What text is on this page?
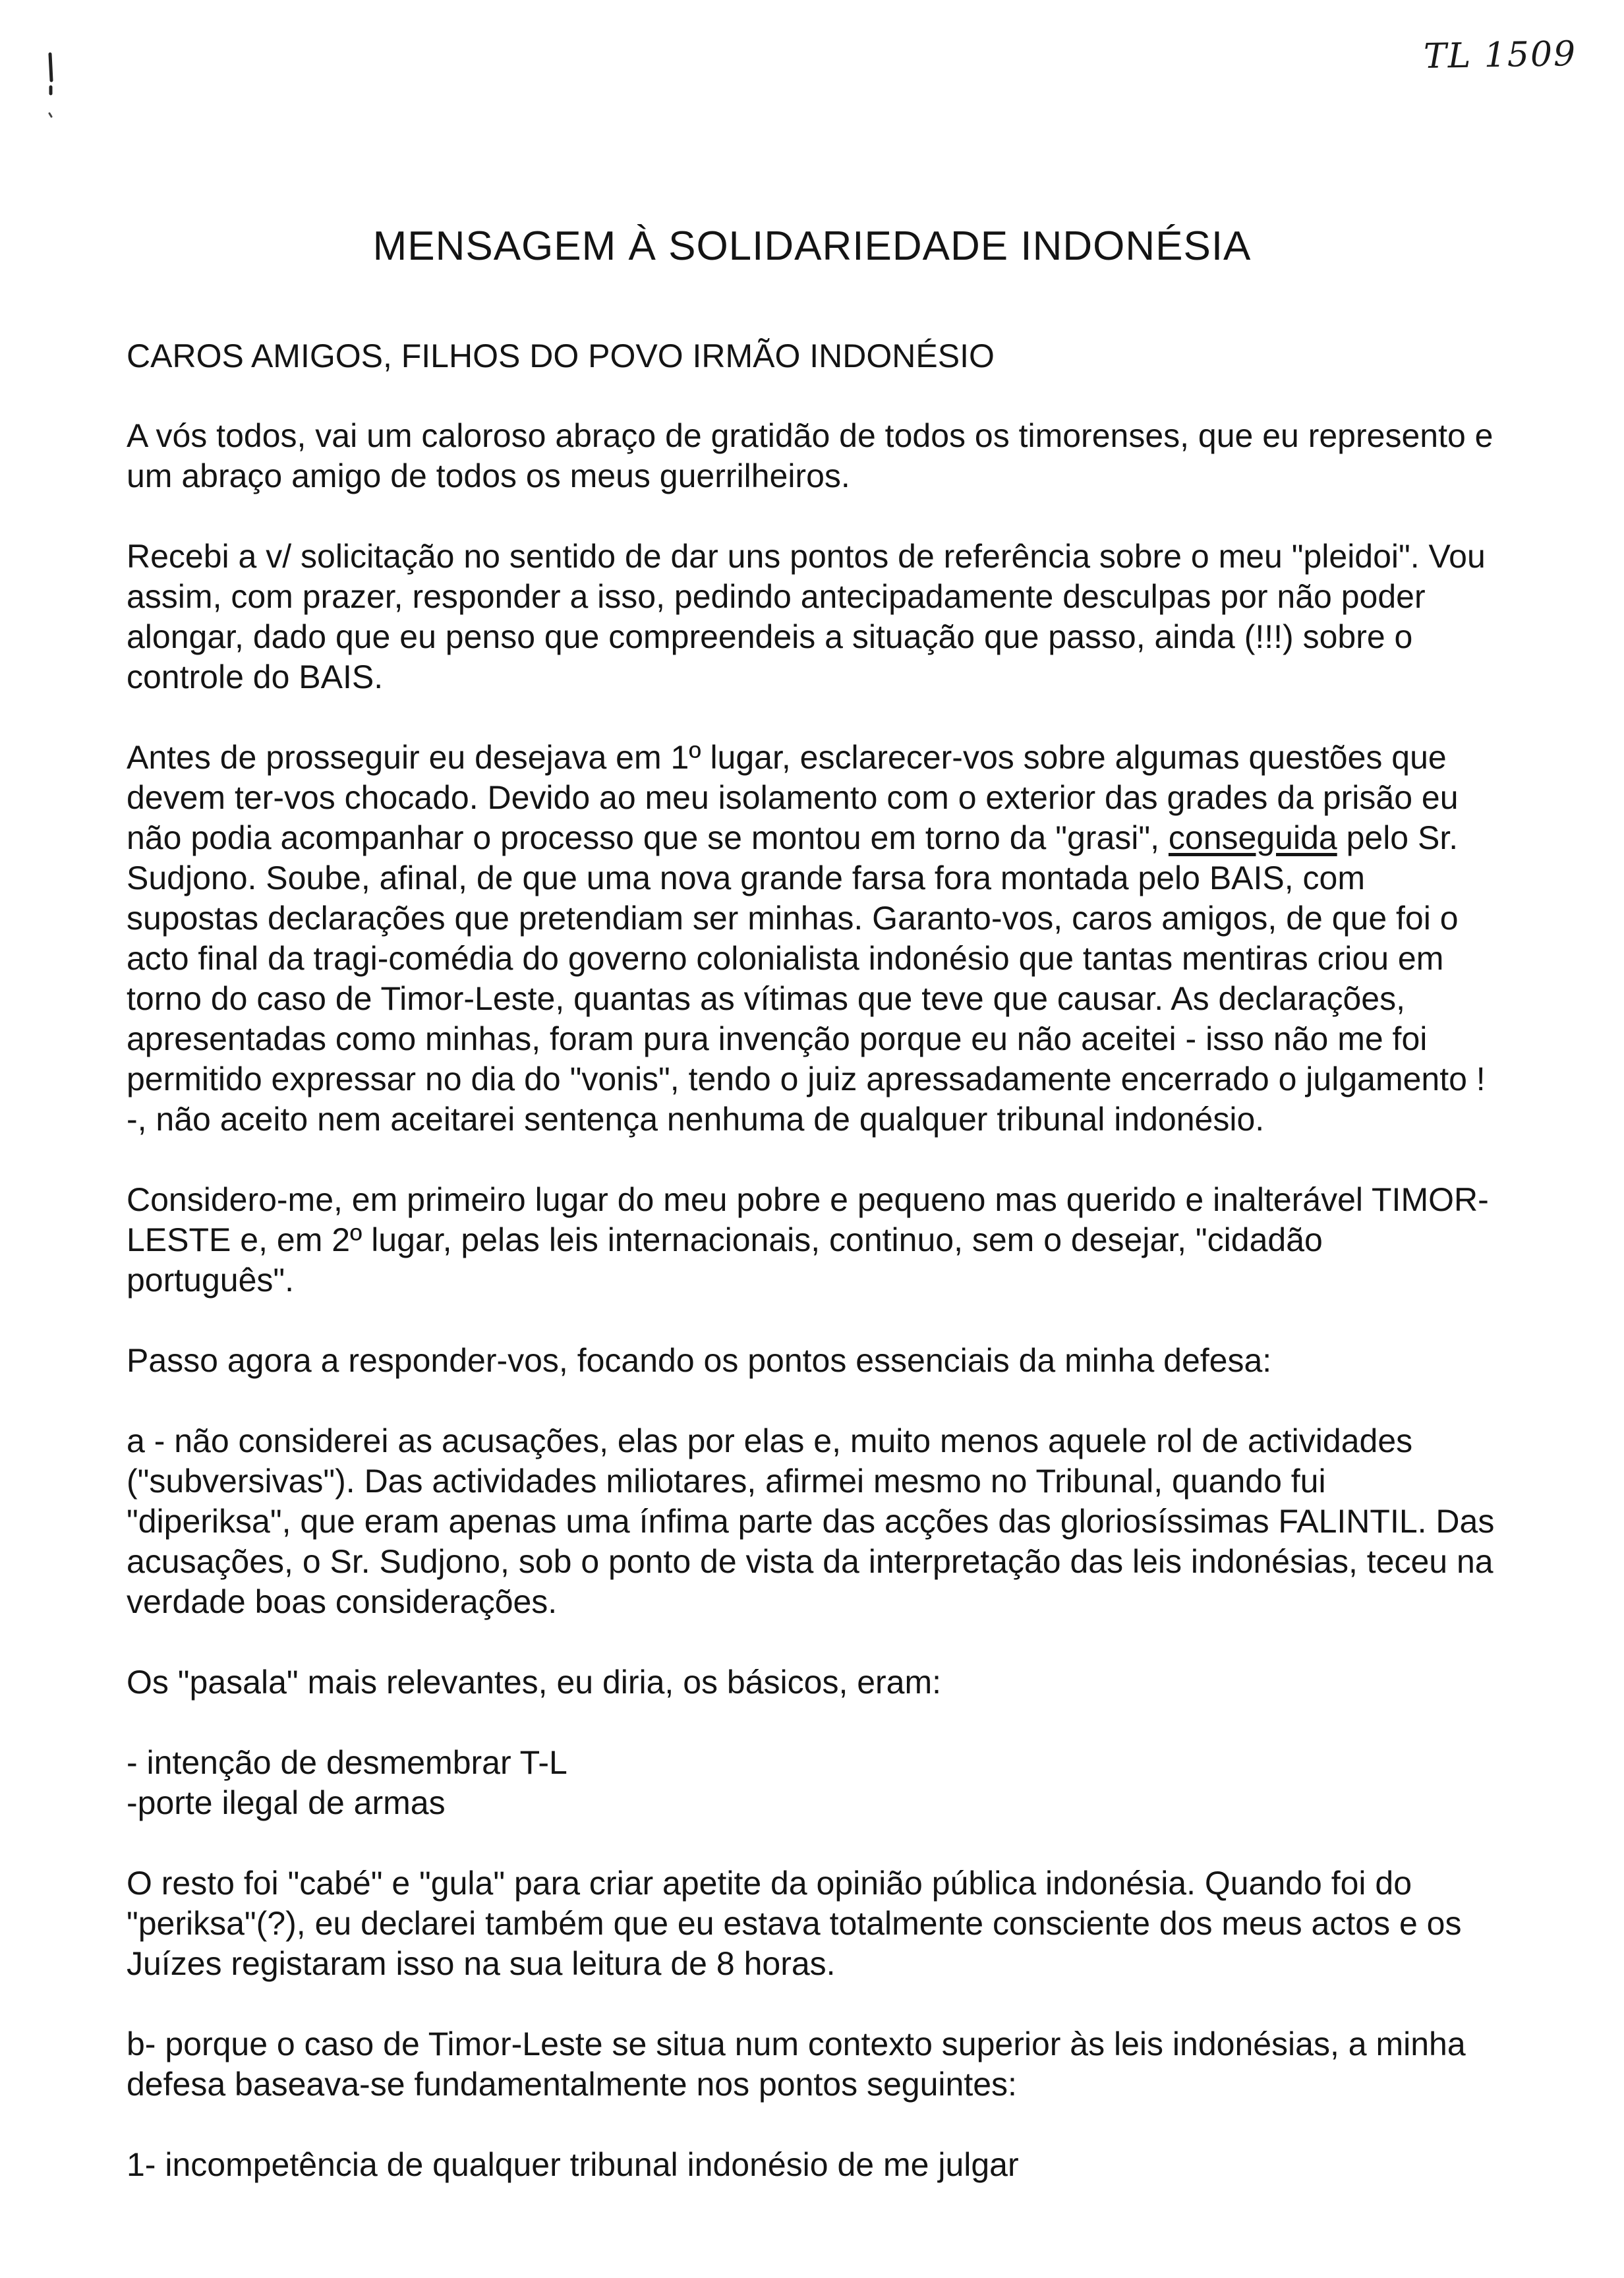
TL 1509
MENSAGEM À SOLIDARIEDADE INDONÉSIA
CAROS AMIGOS, FILHOS DO POVO IRMÃO INDONÉSIO

A vós todos, vai um caloroso abraço de gratidão de todos os timorenses, que eu represento e um abraço amigo de todos os meus guerrilheiros.

Recebi a v/ solicitação no sentido de dar uns pontos de referência sobre o meu "pleidoi". Vou assim, com prazer, responder a isso, pedindo antecipadamente desculpas por não poder alongar, dado que eu penso que compreendeis a situação que passo, ainda (!!!) sobre o controle do BAIS.

Antes de prosseguir eu desejava em 1º lugar, esclarecer-vos sobre algumas questões que devem ter-vos chocado. Devido ao meu isolamento com o exterior das grades da prisão eu não podia acompanhar o processo que se montou em torno da "grasi", conseguida pelo Sr. Sudjono. Soube, afinal, de que uma nova grande farsa fora montada pelo BAIS, com supostas declarações que pretendiam ser minhas. Garanto-vos, caros amigos, de que foi o acto final da tragi-comédia do governo colonialista indonésio que tantas mentiras criou em torno do caso de Timor-Leste, quantas as vítimas que teve que causar. As declarações, apresentadas como minhas, foram pura invenção porque eu não aceitei - isso não me foi permitido expressar no dia do "vonis", tendo o juiz apressadamente encerrado o julgamento ! -, não aceito nem aceitarei sentença nenhuma de qualquer tribunal indonésio.

Considero-me, em primeiro lugar do meu pobre e pequeno mas querido e inalterável TIMOR-LESTE e, em 2º lugar, pelas leis internacionais, continuo, sem o desejar, "cidadão português".

Passo agora a responder-vos, focando os pontos essenciais da minha defesa:

a - não considerei as acusações, elas por elas e, muito menos aquele rol de actividades ("subversivas"). Das actividades miliotares, afirmei mesmo no Tribunal, quando fui "diperiksa", que eram apenas uma ínfima parte das acções das gloriosíssimas FALINTIL. Das acusações, o Sr. Sudjono, sob o ponto de vista da interpretação das leis indonésias, teceu na verdade boas considerações.

Os "pasala" mais relevantes, eu diria, os básicos, eram:

- intenção de desmembrar T-L

-porte ilegal de armas

O resto foi "cabé" e "gula" para criar apetite da opinião pública indonésia. Quando foi do "periksa"(?), eu declarei também que eu estava totalmente consciente dos meus actos e os Juízes registaram isso na sua leitura de 8 horas.

b- porque o caso de Timor-Leste se situa num contexto superior às leis indonésias, a minha defesa baseava-se fundamentalmente nos pontos seguintes:

1- incompetência de qualquer tribunal indonésio de me julgar
